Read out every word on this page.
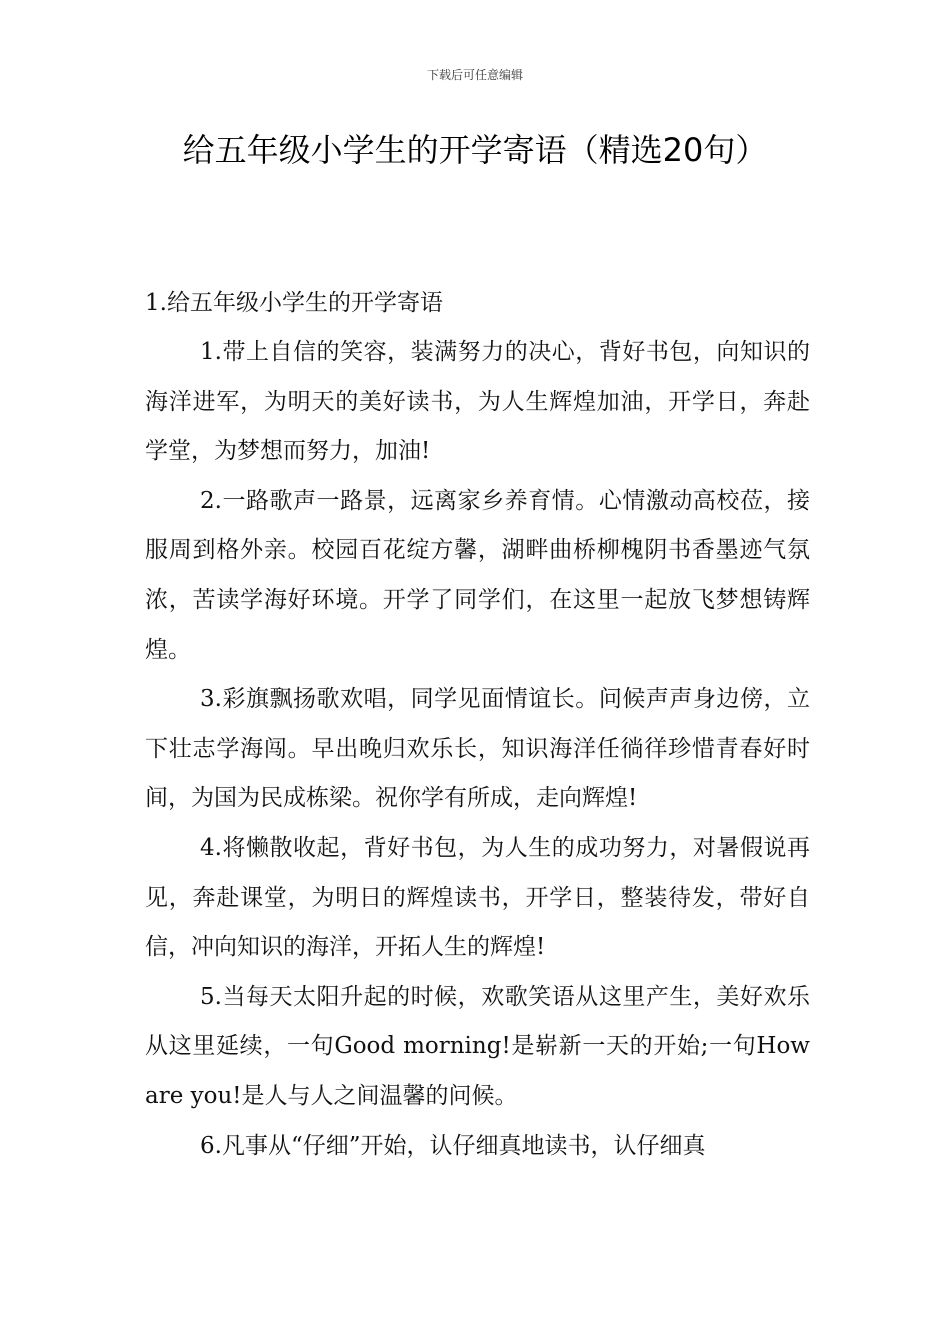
下载后可任意编辑
给五年级小学生的开学寄语（精选20句）

1.给五年级小学生的开学寄语

1.带上自信的笑容，装满努力的决心，背好书包，向知识的海洋进军，为明天的美好读书，为人生辉煌加油，开学日，奔赴学堂，为梦想而努力，加油!

2.一路歌声一路景，远离家乡养育情。心情激动高校莅，接服周到格外亲。校园百花绽方馨，湖畔曲桥柳槐阴书香墨迹气氛浓，苦读学海好环境。开学了同学们，在这里一起放飞梦想铸辉煌。

3.彩旗飘扬歌欢唱，同学见面情谊长。问候声声身边傍，立下壮志学海闯。早出晚归欢乐长，知识海洋任徜徉珍惜青春好时间，为国为民成栋梁。祝你学有所成，走向辉煌!

4.将懒散收起，背好书包，为人生的成功努力，对暑假说再见，奔赴课堂，为明日的辉煌读书，开学日，整装待发，带好自信，冲向知识的海洋，开拓人生的辉煌!

5.当每天太阳升起的时候，欢歌笑语从这里产生，美好欢乐从这里延续，一句Good morning!是崭新一天的开始;一句How are you!是人与人之间温馨的问候。

6.凡事从“仔细”开始，认仔细真地读书，认仔细真
